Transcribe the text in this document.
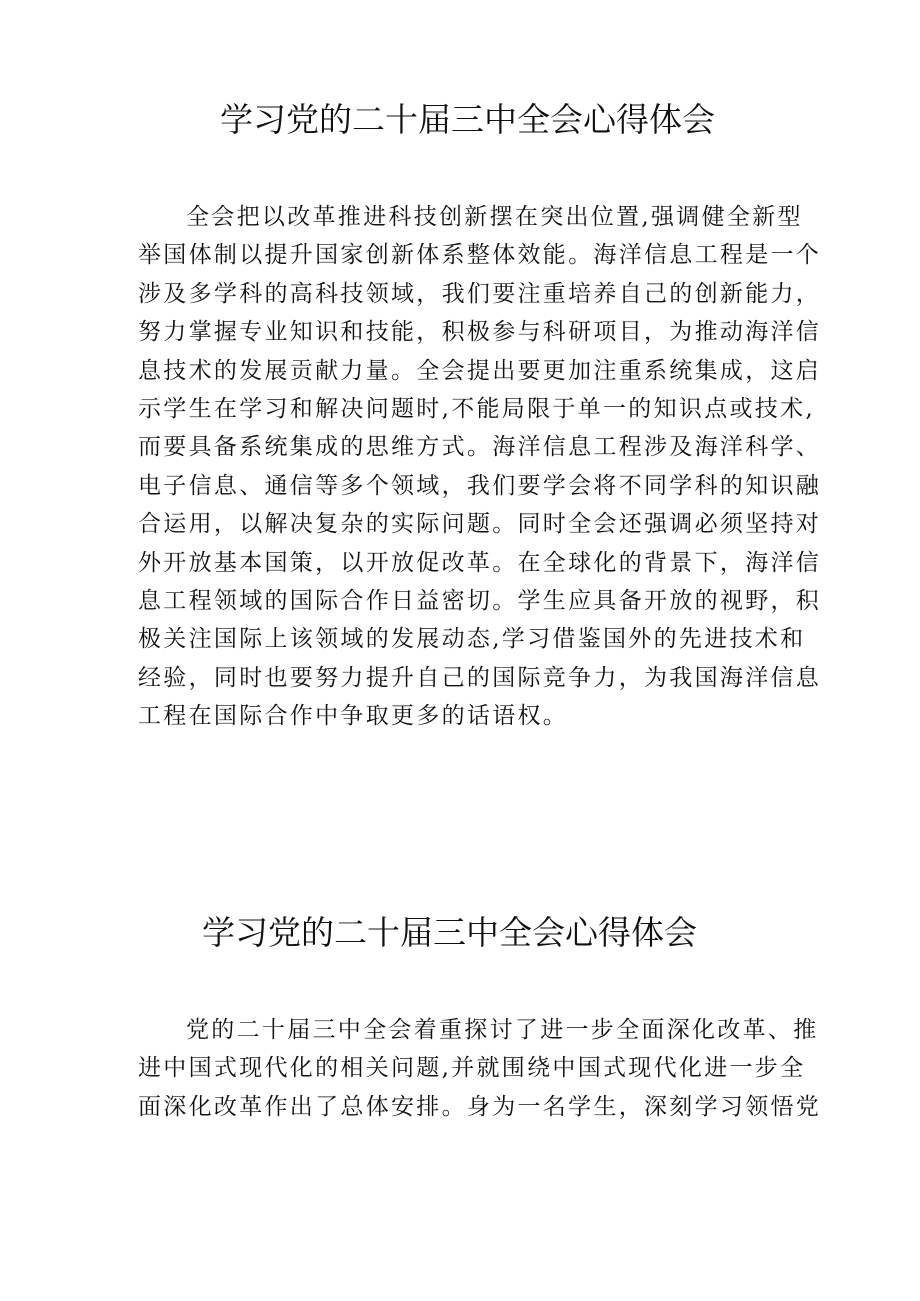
学习党的二十届三中全会心得体会
全会把以改革推进科技创新摆在突出位置,强调健全新型
举国体制以提升国家创新体系整体效能。海洋信息工程是一个
涉及多学科的高科技领域，我们要注重培养自己的创新能力，
努力掌握专业知识和技能，积极参与科研项目，为推动海洋信
息技术的发展贡献力量。全会提出要更加注重系统集成，这启
示学生在学习和解决问题时,不能局限于单一的知识点或技术,
而要具备系统集成的思维方式。海洋信息工程涉及海洋科学、
电子信息、通信等多个领域，我们要学会将不同学科的知识融
合运用，以解决复杂的实际问题。同时全会还强调必须坚持对
外开放基本国策，以开放促改革。在全球化的背景下，海洋信
息工程领域的国际合作日益密切。学生应具备开放的视野，积
极关注国际上该领域的发展动态,学习借鉴国外的先进技术和
经验，同时也要努力提升自己的国际竞争力，为我国海洋信息
工程在国际合作中争取更多的话语权。
学习党的二十届三中全会心得体会
党的二十届三中全会着重探讨了进一步全面深化改革、推
进中国式现代化的相关问题,并就围绕中国式现代化进一步全
面深化改革作出了总体安排。身为一名学生，深刻学习领悟党
